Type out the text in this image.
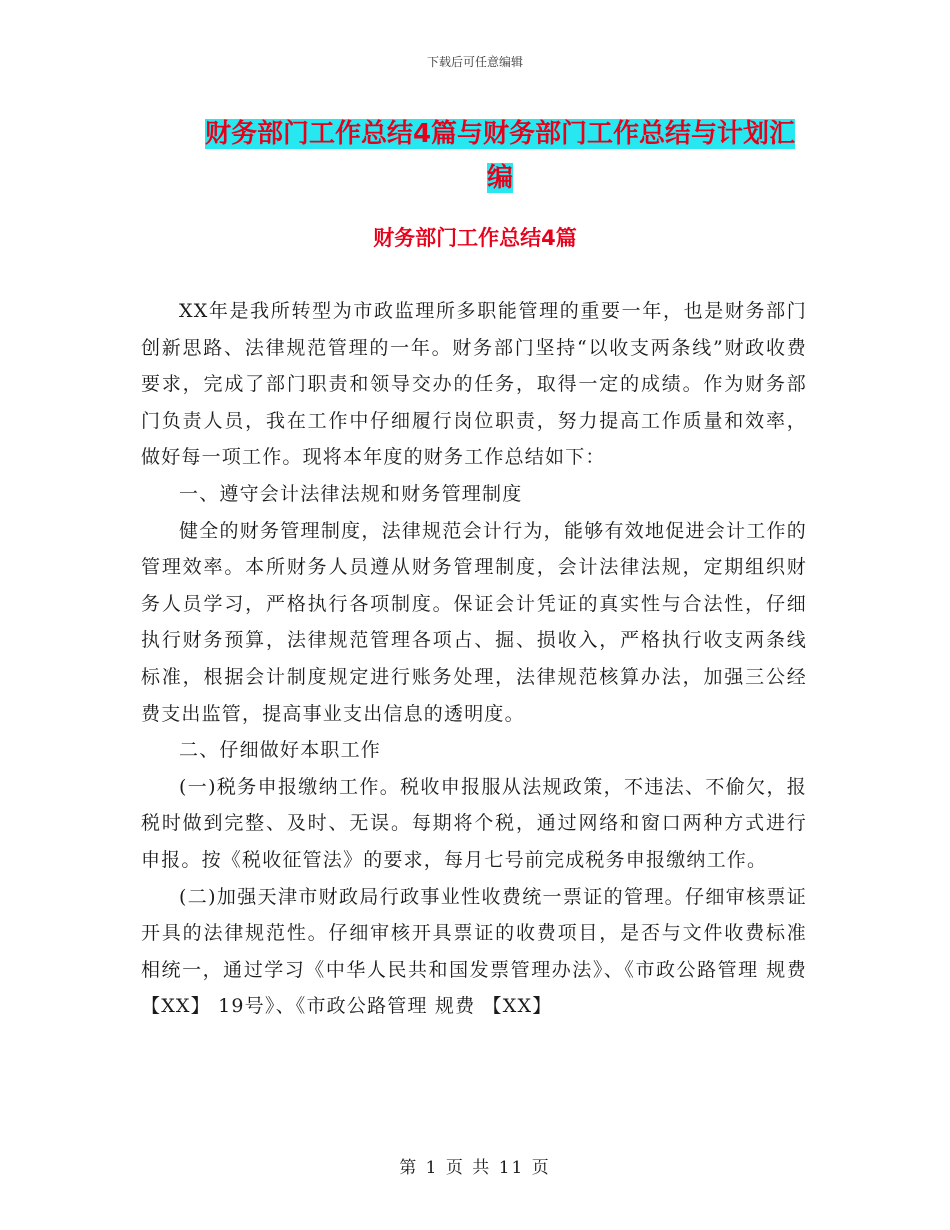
下载后可任意编辑
财务部门工作总结4篇与财务部门工作总结与计划汇编
财务部门工作总结4篇

XX年是我所转型为市政监理所多职能管理的重要一年，也是财务部门创新思路、法律规范管理的一年。财务部门坚持“以收支两条线”财政收费要求，完成了部门职责和领导交办的任务，取得一定的成绩。作为财务部门负责人员，我在工作中仔细履行岗位职责，努力提高工作质量和效率，做好每一项工作。现将本年度的财务工作总结如下：

一、遵守会计法律法规和财务管理制度

健全的财务管理制度，法律规范会计行为，能够有效地促进会计工作的管理效率。本所财务人员遵从财务管理制度，会计法律法规，定期组织财务人员学习，严格执行各项制度。保证会计凭证的真实性与合法性，仔细执行财务预算，法律规范管理各项占、掘、损收入，严格执行收支两条线标准，根据会计制度规定进行账务处理，法律规范核算办法，加强三公经费支出监管，提高事业支出信息的透明度。

二、仔细做好本职工作

(一)税务申报缴纳工作。税收申报服从法规政策，不违法、不偷欠，报税时做到完整、及时、无误。每期将个税，通过网络和窗口两种方式进行申报。按《税收征管法》的要求，每月七号前完成税务申报缴纳工作。

(二)加强天津市财政局行政事业性收费统一票证的管理。仔细审核票证开具的法律规范性。仔细审核开具票证的收费项目，是否与文件收费标准相统一，通过学习《中华人民共和国发票管理办法》、《市政公路管理 规费 【XX】 19号》、《市政公路管理 规费 【XX】

第 1 页 共 11 页
